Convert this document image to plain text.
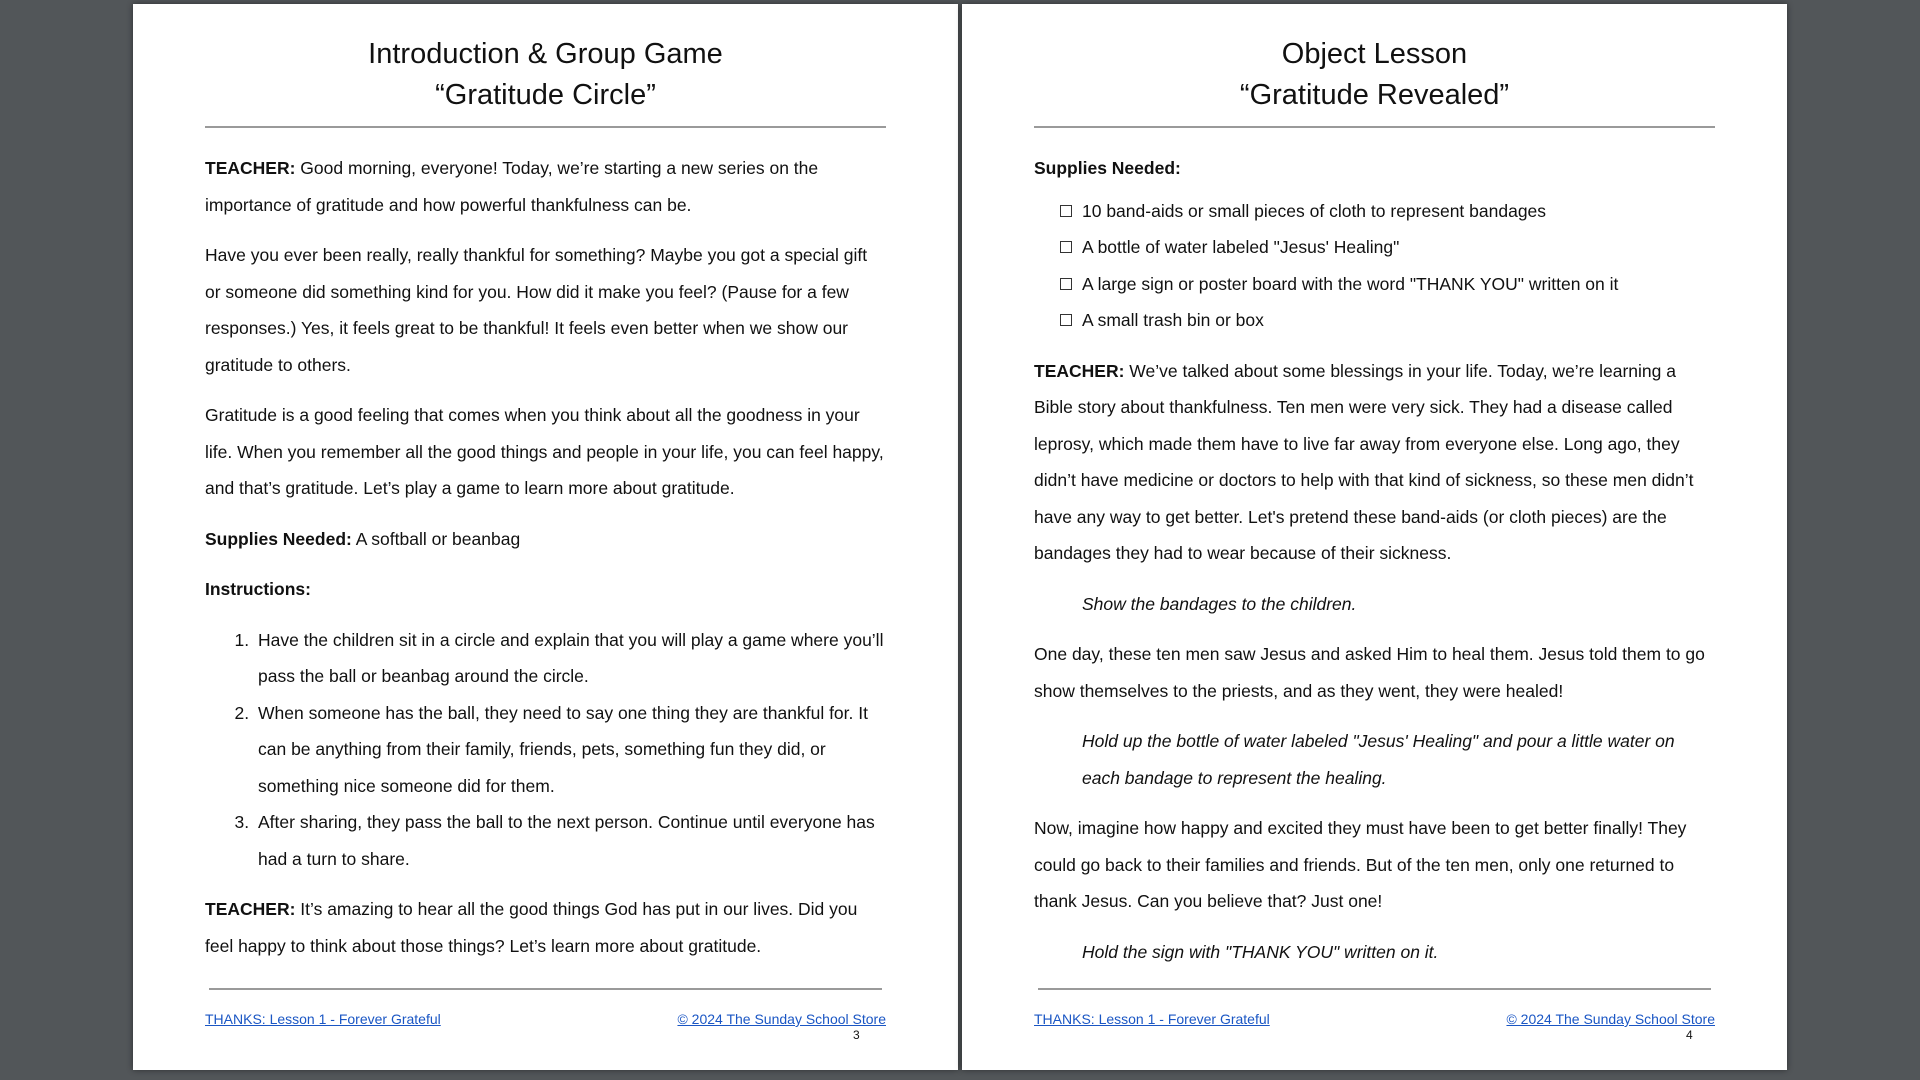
Introduction & Group Game
“Gratitude Circle”

TEACHER: Good morning, everyone! Today, we’re starting a new series on the importance of gratitude and how powerful thankfulness can be.

Have you ever been really, really thankful for something? Maybe you got a special gift or someone did something kind for you. How did it make you feel? (Pause for a few responses.) Yes, it feels great to be thankful! It feels even better when we show our gratitude to others.

Gratitude is a good feeling that comes when you think about all the goodness in your life. When you remember all the good things and people in your life, you can feel happy, and that’s gratitude. Let’s play a game to learn more about gratitude.

Supplies Needed: A softball or beanbag

Instructions:

1. Have the children sit in a circle and explain that you will play a game where you’ll pass the ball or beanbag around the circle.
2. When someone has the ball, they need to say one thing they are thankful for. It can be anything from their family, friends, pets, something fun they did, or something nice someone did for them.
3. After sharing, they pass the ball to the next person. Continue until everyone has had a turn to share.

TEACHER: It’s amazing to hear all the good things God has put in our lives. Did you feel happy to think about those things? Let’s learn more about gratitude.

THANKS: Lesson 1 - Forever Grateful	© 2024 The Sunday School Store
3
Object Lesson
“Gratitude Revealed”

Supplies Needed:

10 band-aids or small pieces of cloth to represent bandages
A bottle of water labeled "Jesus' Healing"
A large sign or poster board with the word "THANK YOU" written on it
A small trash bin or box

TEACHER: We’ve talked about some blessings in your life. Today, we’re learning a Bible story about thankfulness. Ten men were very sick. They had a disease called leprosy, which made them have to live far away from everyone else. Long ago, they didn’t have medicine or doctors to help with that kind of sickness, so these men didn’t have any way to get better. Let's pretend these band-aids (or cloth pieces) are the bandages they had to wear because of their sickness.

Show the bandages to the children.

One day, these ten men saw Jesus and asked Him to heal them. Jesus told them to go show themselves to the priests, and as they went, they were healed!

Hold up the bottle of water labeled "Jesus' Healing" and pour a little water on each bandage to represent the healing.

Now, imagine how happy and excited they must have been to get better finally! They could go back to their families and friends. But of the ten men, only one returned to thank Jesus. Can you believe that? Just one!

Hold the sign with "THANK YOU" written on it.

THANKS: Lesson 1 - Forever Grateful	© 2024 The Sunday School Store
4
